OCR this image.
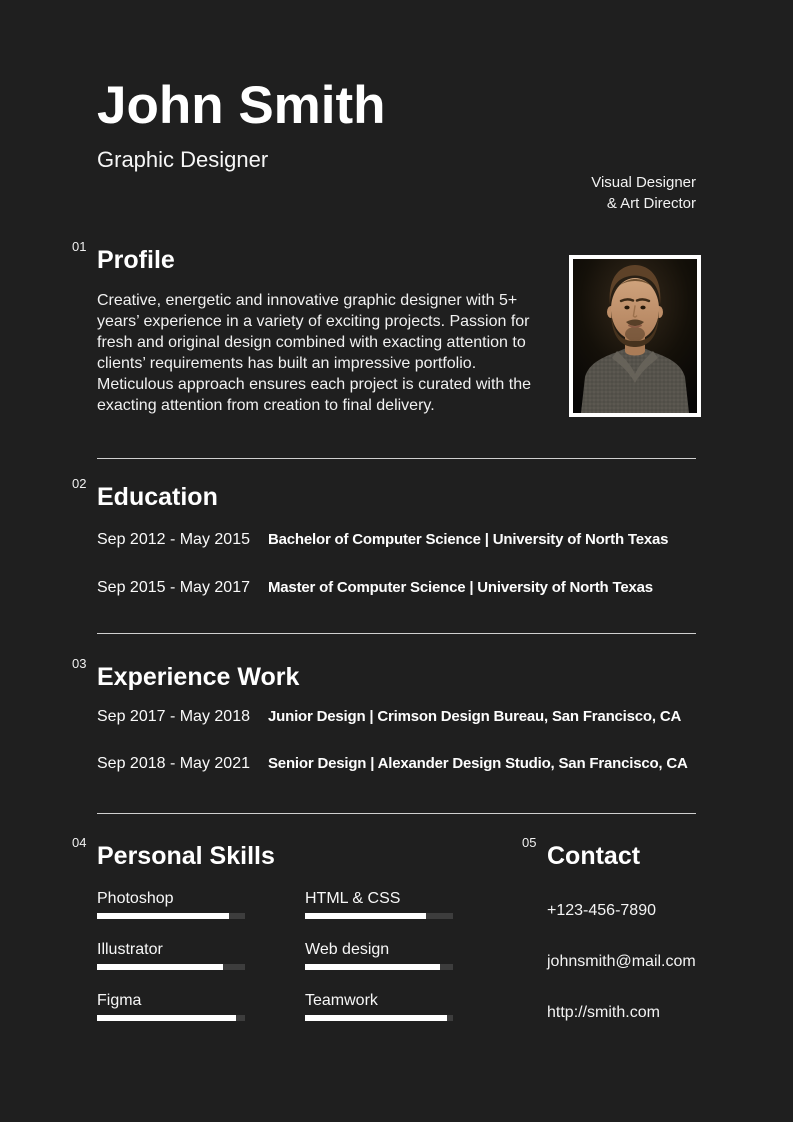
John Smith
Graphic Designer
Visual Designer
& Art Director
01 Profile

Creative, energetic and innovative graphic designer with 5+ years’ experience in a variety of exciting projects. Passion for fresh and original design combined with exacting attention to clients’ requirements has built an impressive portfolio. Meticulous approach ensures each project is curated with the exacting attention from creation to final delivery.

02 Education
Sep 2012 - May 2015	Bachelor of Computer Science | University of North Texas
Sep 2015 - May 2017	Master of Computer Science | University of North Texas
03 Experience Work
Sep 2017 - May 2018	Junior Design | Crimson Design Bureau, San Francisco, CA
Sep 2018 - May 2021	Senior Design | Alexander Design Studio, San Francisco, CA
04 Personal Skills
Photoshop	HTML & CSS
Illustrator	Web design
Figma	Teamwork
05 Contact
+123-456-7890
johnsmith@mail.com
http://smith.com
